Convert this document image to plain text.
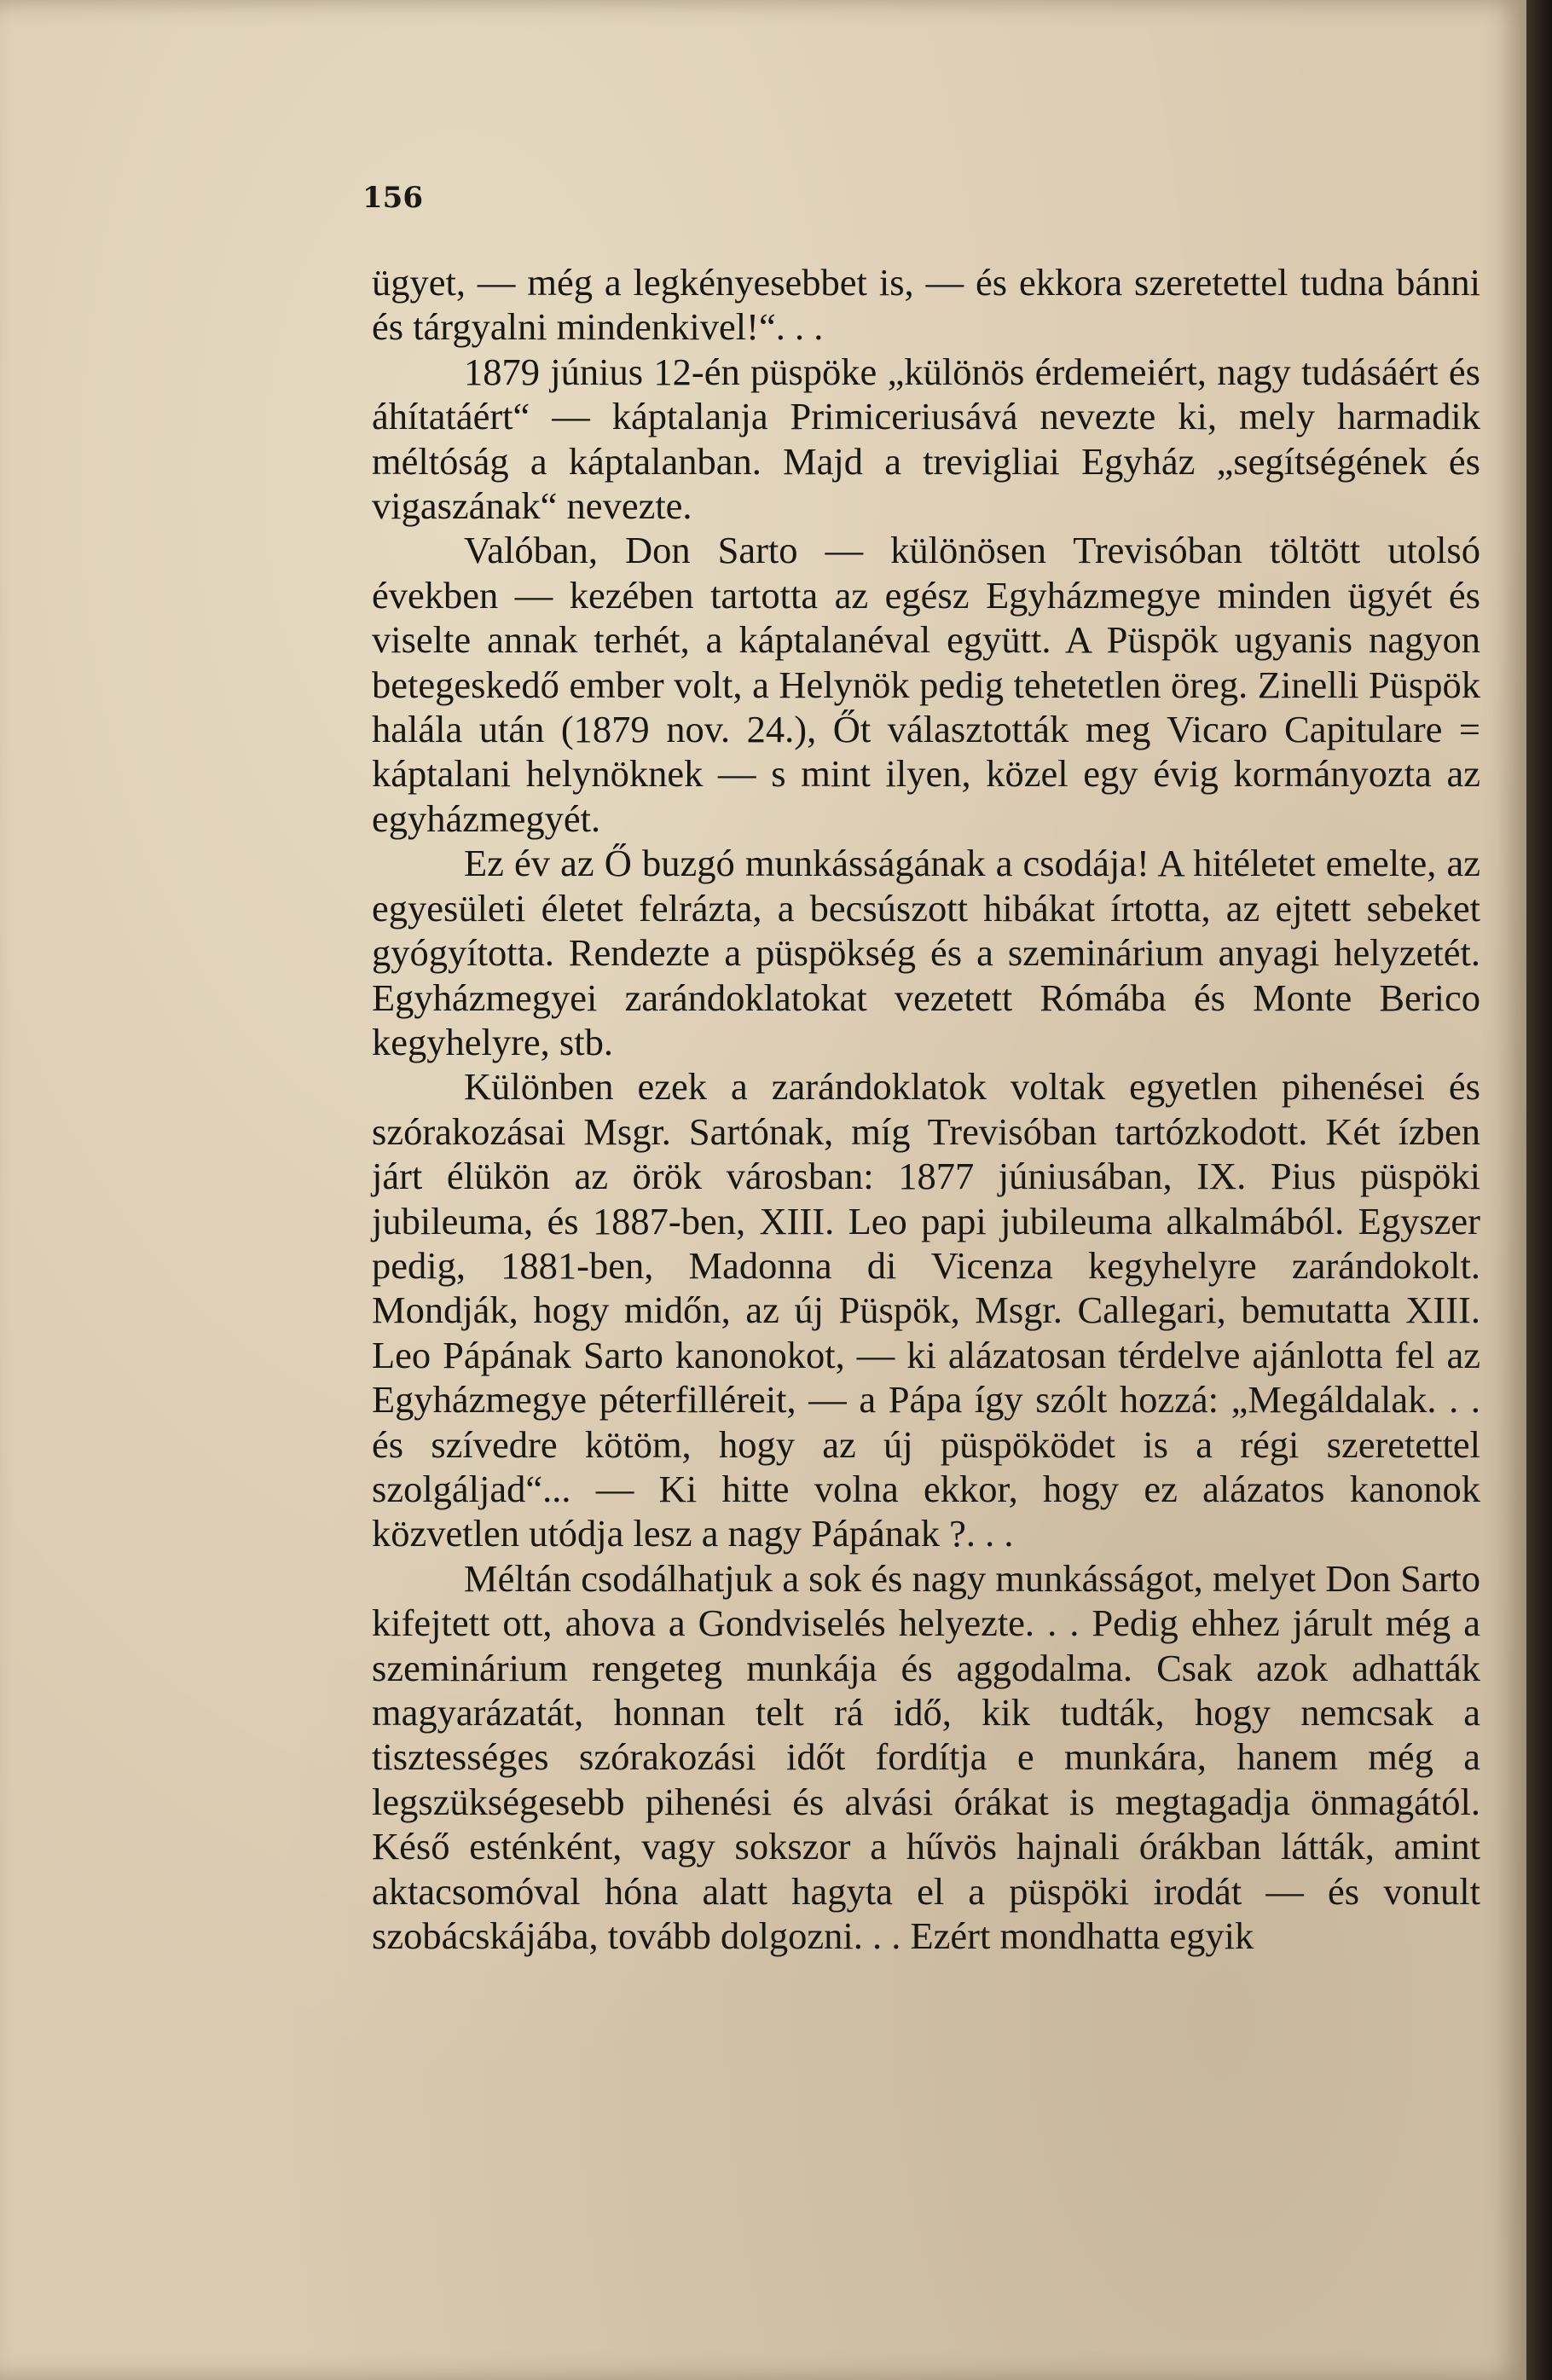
156

ügyet, — még a legkényesebbet is, — és ekkora szeretettel tudna bánni és tárgyalni mindenkivel!“. . .

1879 június 12-én püspöke „különös érdemeiért, nagy tudásáért és áhítatáért“ — káptalanja Primiceriusává nevezte ki, mely harmadik méltóság a káptalanban. Majd a trevigliai Egyház „segítségének és vigaszának“ nevezte.

Valóban, Don Sarto — különösen Trevisóban töltött utolsó években — kezében tartotta az egész Egyházmegye minden ügyét és viselte annak terhét, a káptalanéval együtt. A Püspök ugyanis nagyon betegeskedő ember volt, a Helynök pedig tehetetlen öreg. Zinelli Püspök halála után (1879 nov. 24.), Őt választották meg Vicaro Capitulare = káptalani helynöknek — s mint ilyen, közel egy évig kormányozta az egyházmegyét.

Ez év az Ő buzgó munkásságának a csodája! A hitéletet emelte, az egyesületi életet felrázta, a becsúszott hibákat írtotta, az ejtett sebeket gyógyította. Rendezte a püspökség és a szeminárium anyagi helyzetét. Egyházmegyei zarándoklatokat vezetett Rómába és Monte Berico kegyhelyre, stb.

Különben ezek a zarándoklatok voltak egyetlen pihenései és szórakozásai Msgr. Sartónak, míg Trevisóban tartózkodott. Két ízben járt élükön az örök városban: 1877 júniusában, IX. Pius püspöki jubileuma, és 1887-ben, XIII. Leo papi jubileuma alkalmából. Egyszer pedig, 1881-ben, Madonna di Vicenza kegyhelyre zarándokolt. Mondják, hogy midőn, az új Püspök, Msgr. Callegari, bemutatta XIII. Leo Pápának Sarto kanonokot, — ki alázatosan térdelve ajánlotta fel az Egyházmegye péterfilléreit, — a Pápa így szólt hozzá: „Megáldalak. . . és szívedre kötöm, hogy az új püspöködet is a régi szeretettel szolgáljad“... — Ki hitte volna ekkor, hogy ez alázatos kanonok közvetlen utódja lesz a nagy Pápának ?. . .

Méltán csodálhatjuk a sok és nagy munkásságot, melyet Don Sarto kifejtett ott, ahova a Gondviselés helyezte. . . Pedig ehhez járult még a szeminárium rengeteg munkája és aggodalma. Csak azok adhatták magyarázatát, honnan telt rá idő, kik tudták, hogy nemcsak a tisztességes szórakozási időt fordítja e munkára, hanem még a legszükségesebb pihenési és alvási órákat is megtagadja önmagától. Késő esténként, vagy sokszor a hűvös hajnali órákban látták, amint aktacsomóval hóna alatt hagyta el a püspöki irodát — és vonult szobácskájába, tovább dolgozni. . . Ezért mondhatta egyik
